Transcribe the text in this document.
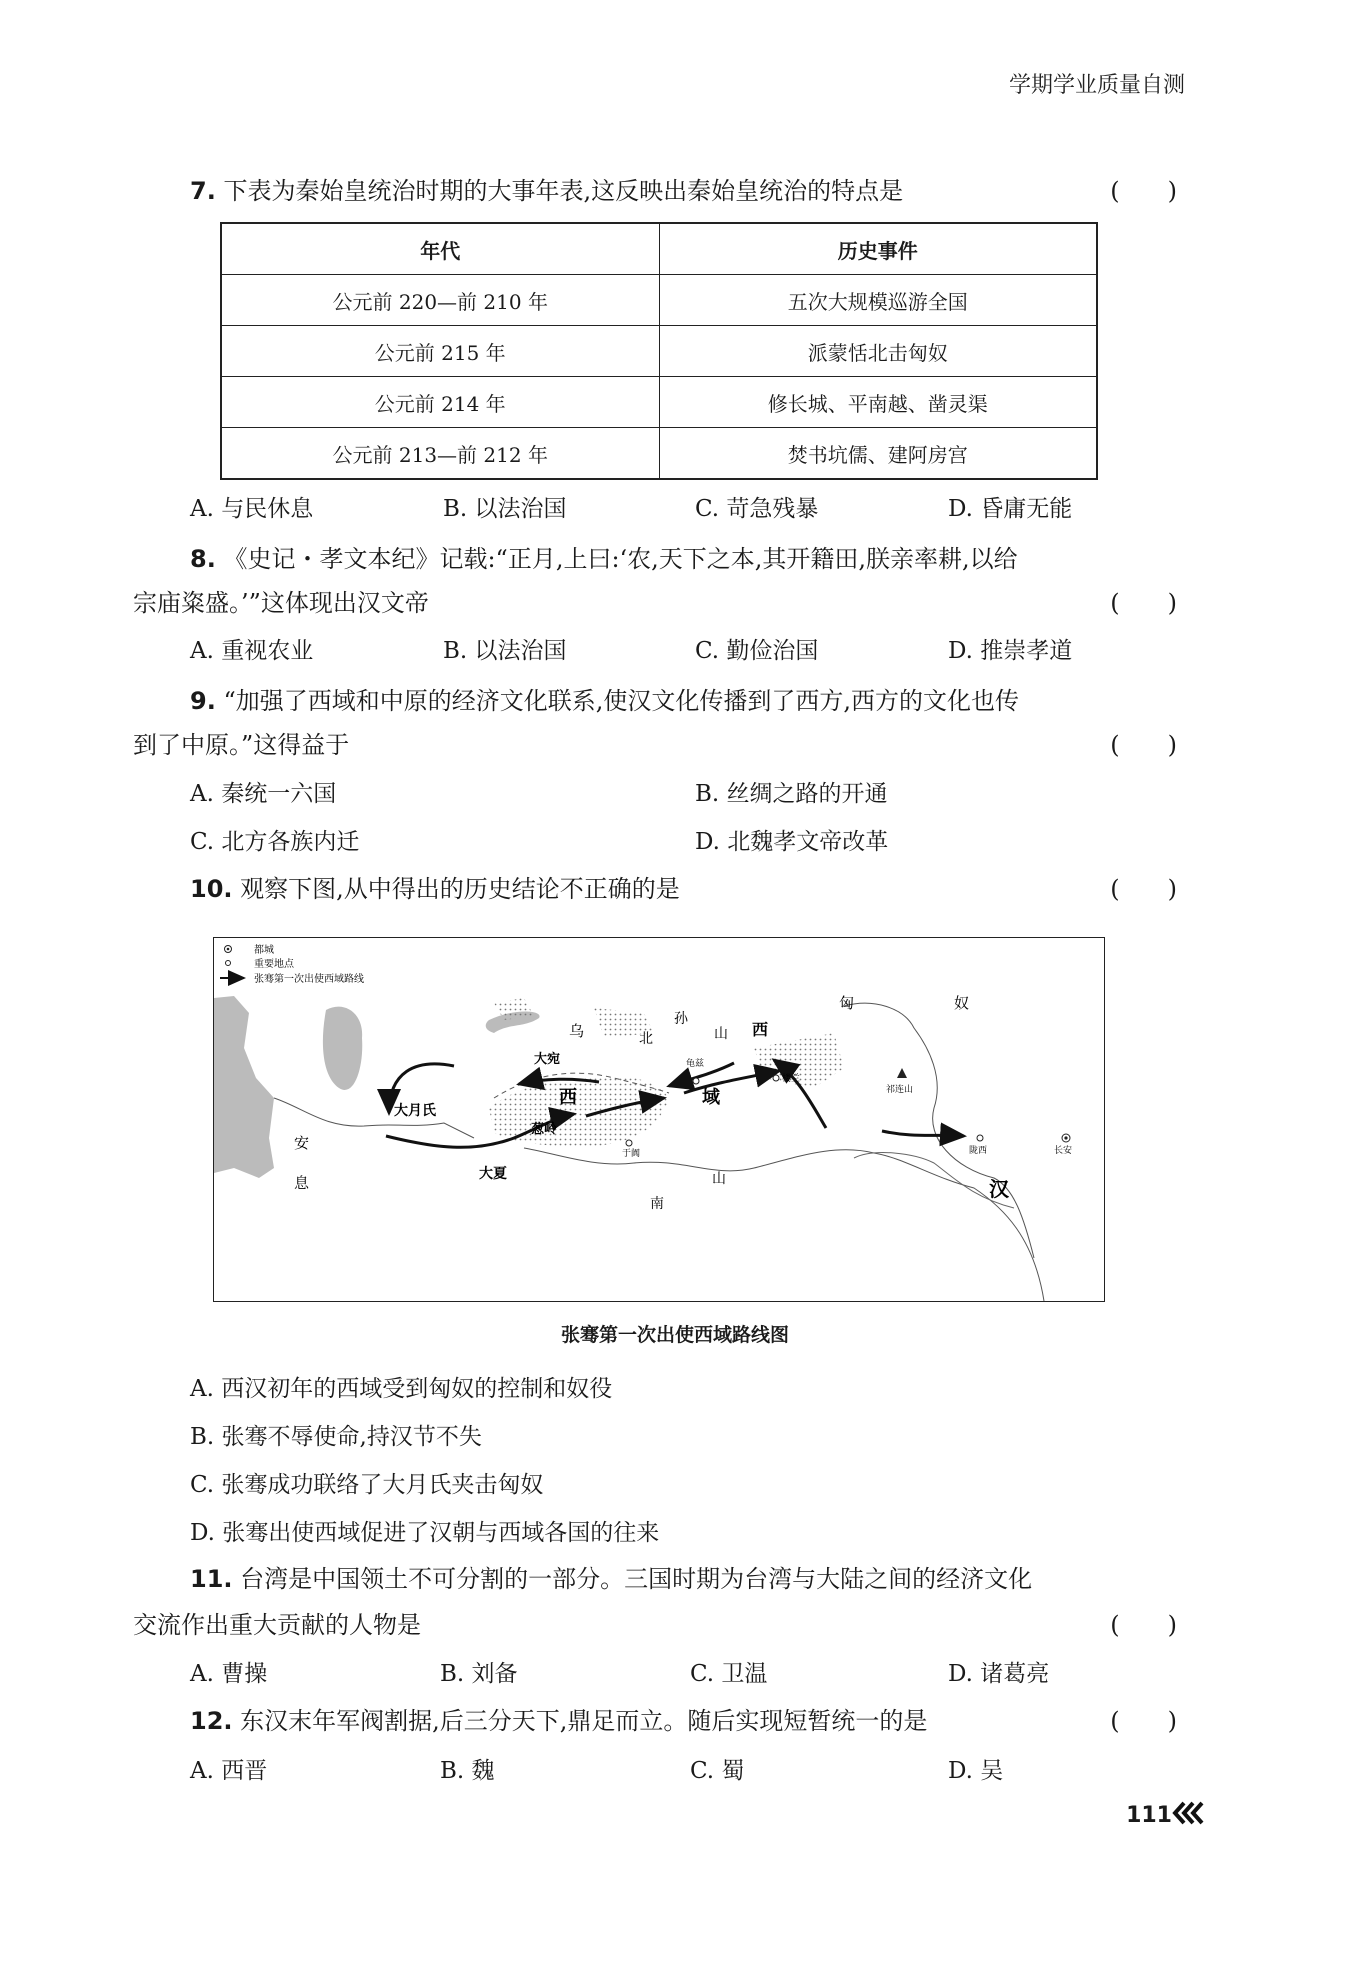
学期学业质量自测
7. 下表为秦始皇统治时期的大事年表,这反映出秦始皇统治的特点是	(　　)
年代	历史事件
公元前 220—前 210 年	五次大规模巡游全国
公元前 215 年	派蒙恬北击匈奴
公元前 214 年	修长城、平南越、凿灵渠
公元前 213—前 212 年	焚书坑儒、建阿房宫
A. 与民休息	B. 以法治国	C. 苛急残暴	D. 昏庸无能
8. 《史记・孝文本纪》记载:“正月,上曰:‘农,天下之本,其开籍田,朕亲率耕,以给
宗庙粢盛。’”这体现出汉文帝	(　　)
A. 重视农业	B. 以法治国	C. 勤俭治国	D. 推崇孝道
9. “加强了西域和中原的经济文化联系,使汉文化传播到了西方,西方的文化也传
到了中原。”这得益于	(　　)
A. 秦统一六国	B. 丝绸之路的开通
C. 北方各族内迁	D. 北魏孝文帝改革
10. 观察下图,从中得出的历史结论不正确的是	(　　)
都城
重要地点
张骞第一次出使西域路线
匈	奴
乌
孙
北	山 西
大宛	龟兹
楼兰
祁连山
大月氏
西	域
葱岭
于阗	陇西	长安
安
息	大夏
南
山	汉
张骞第一次出使西域路线图
A. 西汉初年的西域受到匈奴的控制和奴役
B. 张骞不辱使命,持汉节不失
C. 张骞成功联络了大月氏夹击匈奴
D. 张骞出使西域促进了汉朝与西域各国的往来
11. 台湾是中国领土不可分割的一部分。三国时期为台湾与大陆之间的经济文化
交流作出重大贡献的人物是	(　　)
A. 曹操	B. 刘备	C. 卫温	D. 诸葛亮
12. 东汉末年军阀割据,后三分天下,鼎足而立。随后实现短暂统一的是	(　　)
A. 西晋	B. 魏	C. 蜀	D. 吴
111
